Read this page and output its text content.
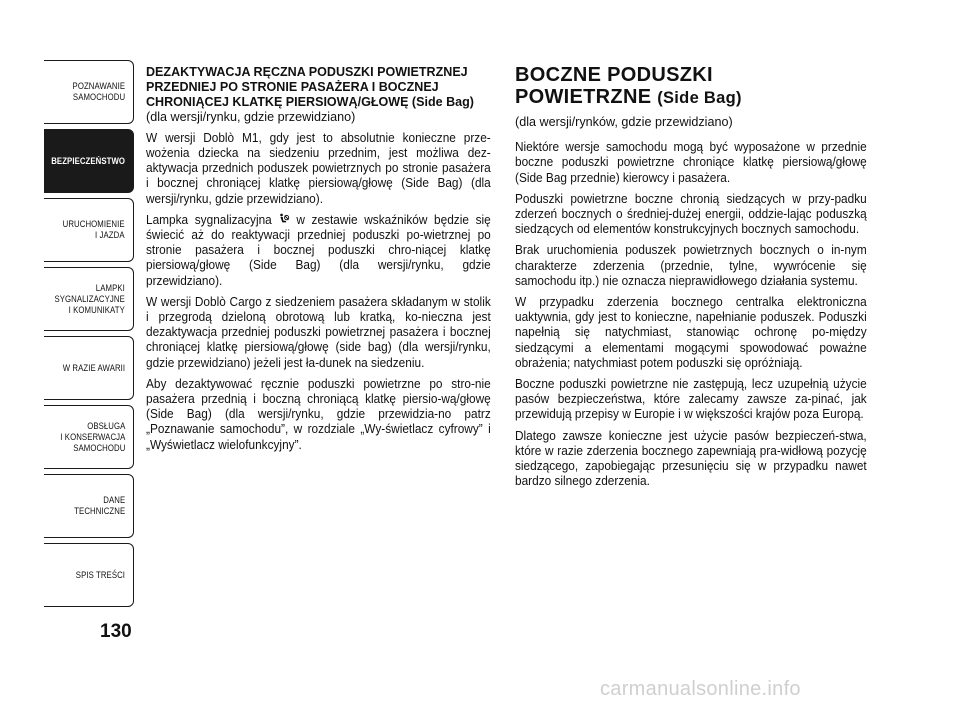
POZNAWANIE
SAMOCHODU
BEZPIECZEŃSTWO
URUCHOMIENIE
I JAZDA
LAMPKI
SYGNALIZACYJNE
I KOMUNIKATY
W RAZIE AWARII
OBSŁUGA
I KONSERWACJA
SAMOCHODU
DANE
TECHNICZNE
SPIS TREŚCI
130
DEZAKTYWACJA RĘCZNA PODUSZKI POWIETRZNEJ PRZEDNIEJ PO STRONIE PASAŻERA I BOCZNEJ CHRONIĄCEJ KLATKĘ PIERSIOWĄ/GŁOWĘ (Side Bag)
(dla wersji/rynku, gdzie przewidziano)

W wersji Doblò M1, gdy jest to absolutnie konieczne prze-wożenia dziecka na siedzeniu przednim, jest możliwa dez-aktywacja przednich poduszek powietrznych po stronie pasażera i bocznej chroniącej klatkę piersiową/głowę (Side Bag) (dla wersji/rynku, gdzie przewidziano).

Lampka sygnalizacyjna w zestawie wskaźników będzie się świecić aż do reaktywacji przedniej poduszki po-wietrznej po stronie pasażera i bocznej poduszki chro-niącej klatkę piersiową/głowę (Side Bag) (dla wersji/rynku, gdzie przewidziano).

W wersji Doblò Cargo z siedzeniem pasażera składanym w stolik i przegrodą dzieloną obrotową lub kratką, ko-nieczna jest dezaktywacja przedniej poduszki powietrznej pasażera i bocznej chroniącej klatkę piersiową/głowę (side bag) (dla wersji/rynku, gdzie przewidziano) jeżeli jest ła-dunek na siedzeniu.

Aby dezaktywować ręcznie poduszki powietrzne po stro-nie pasażera przednią i boczną chroniącą klatkę piersio-wą/głowę (Side Bag) (dla wersji/rynku, gdzie przewidzia-no patrz „Poznawanie samochodu”, w rozdziale „Wy-świetlacz cyfrowy” i „Wyświetlacz wielofunkcyjny”.

BOCZNE PODUSZKI
POWIETRZNE (Side Bag)
(dla wersji/rynków, gdzie przewidziano)

Niektóre wersje samochodu mogą być wyposażone w przednie boczne poduszki powietrzne chroniące klatkę piersiową/głowę (Side Bag przednie) kierowcy i pasażera.

Poduszki powietrzne boczne chronią siedzących w przy-padku zderzeń bocznych o średniej-dużej energii, oddzie-lając poduszką siedzących od elementów konstrukcyjnych bocznych samochodu.

Brak uruchomienia poduszek powietrznych bocznych o in-nym charakterze zderzenia (przednie, tylne, wywrócenie się samochodu itp.) nie oznacza nieprawidłowego działania systemu.

W przypadku zderzenia bocznego centralka elektroniczna uaktywnia, gdy jest to konieczne, napełnianie poduszek. Poduszki napełnią się natychmiast, stanowiąc ochronę po-między siedzącymi a elementami mogącymi spowodować poważne obrażenia; natychmiast potem poduszki się opróżniają.

Boczne poduszki powietrzne nie zastępują, lecz uzupełnią użycie pasów bezpieczeństwa, które zalecamy zawsze za-pinać, jak przewidują przepisy w Europie i w większości krajów poza Europą.

Dlatego zawsze konieczne jest użycie pasów bezpieczeń-stwa, które w razie zderzenia bocznego zapewniają pra-widłową pozycję siedzącego, zapobiegając przesunięciu się w przypadku nawet bardzo silnego zderzenia.

carmanualsonline.info
